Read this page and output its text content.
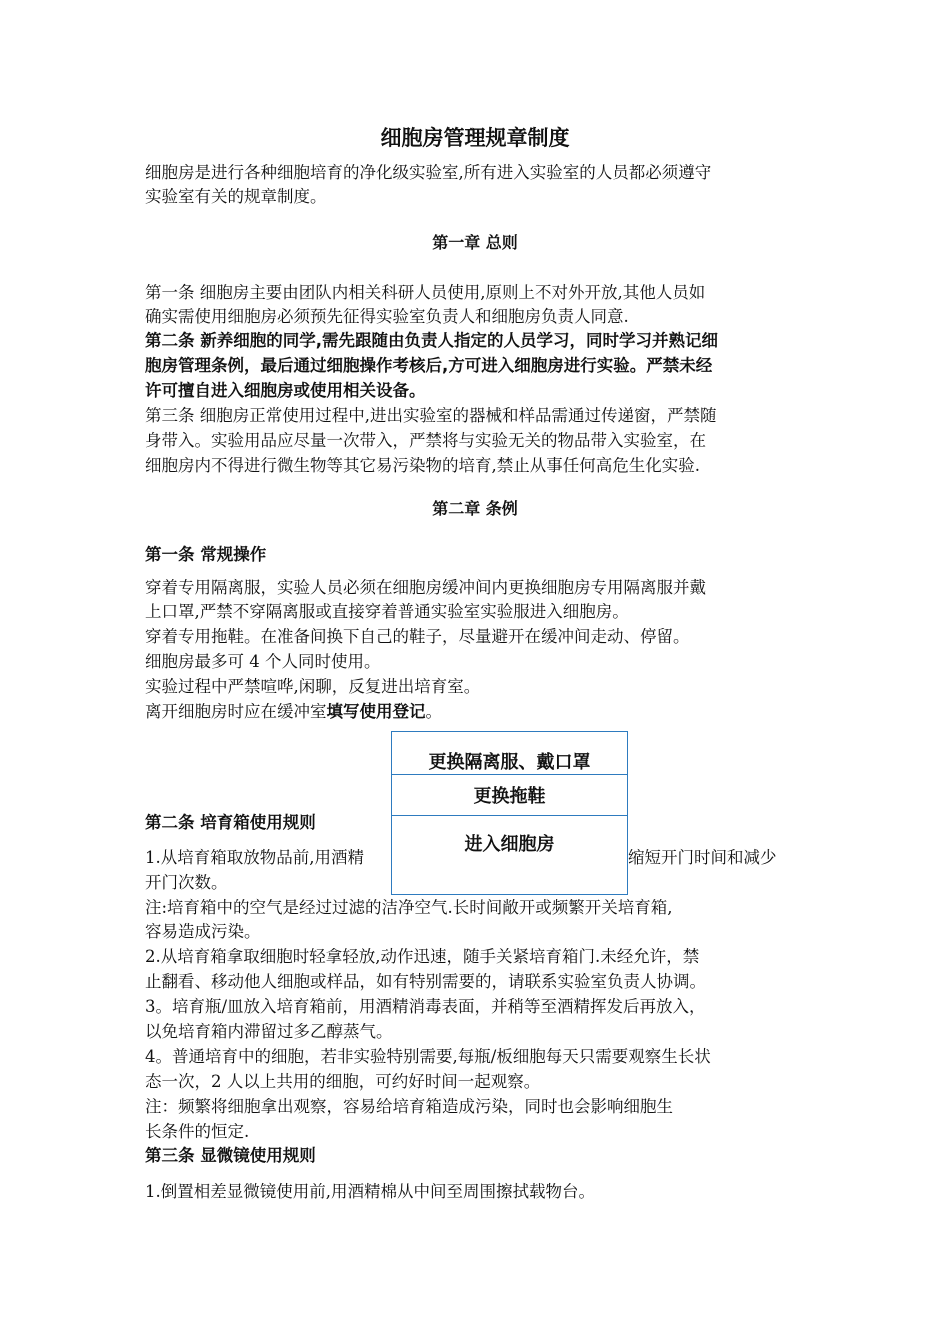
细胞房管理规章制度
细胞房是进行各种细胞培育的净化级实验室,所有进入实验室的人员都必须遵守
实验室有关的规章制度。
第一章 总则
第一条 细胞房主要由团队内相关科研人员使用,原则上不对外开放,其他人员如
确实需使用细胞房必须预先征得实验室负责人和细胞房负责人同意.
第二条 新养细胞的同学,需先跟随由负责人指定的人员学习，同时学习并熟记细
胞房管理条例，最后通过细胞操作考核后,方可进入细胞房进行实验。严禁未经
许可擅自进入细胞房或使用相关设备。
第三条 细胞房正常使用过程中,进出实验室的器械和样品需通过传递窗，严禁随
身带入。实验用品应尽量一次带入，严禁将与实验无关的物品带入实验室，在
细胞房内不得进行微生物等其它易污染物的培育,禁止从事任何高危生化实验.
第二章 条例
第一条 常规操作
穿着专用隔离服，实验人员必须在细胞房缓冲间内更换细胞房专用隔离服并戴
上口罩,严禁不穿隔离服或直接穿着普通实验室实验服进入细胞房。
穿着专用拖鞋。在准备间换下自己的鞋子，尽量避开在缓冲间走动、停留。
细胞房最多可 4 个人同时使用。
实验过程中严禁喧哗,闲聊，反复进出培育室。
离开细胞房时应在缓冲室填写使用登记。
第二条 培育箱使用规则
1.从培育箱取放物品前,用酒精	缩短开门时间和减少
开门次数。
注:培育箱中的空气是经过过滤的洁净空气.长时间敞开或频繁开关培育箱,
容易造成污染。
2.从培育箱拿取细胞时轻拿轻放,动作迅速，随手关紧培育箱门.未经允许，禁
止翻看、移动他人细胞或样品，如有特别需要的，请联系实验室负责人协调。
3。培育瓶/皿放入培育箱前，用酒精消毒表面，并稍等至酒精挥发后再放入，
以免培育箱内滞留过多乙醇蒸气。
4。普通培育中的细胞，若非实验特别需要,每瓶/板细胞每天只需要观察生长状
态一次，2 人以上共用的细胞，可约好时间一起观察。
注：频繁将细胞拿出观察，容易给培育箱造成污染，同时也会影响细胞生
长条件的恒定.
第三条 显微镜使用规则
1.倒置相差显微镜使用前,用酒精棉从中间至周围擦拭载物台。
更换隔离服、戴口罩
更换拖鞋
进入细胞房
